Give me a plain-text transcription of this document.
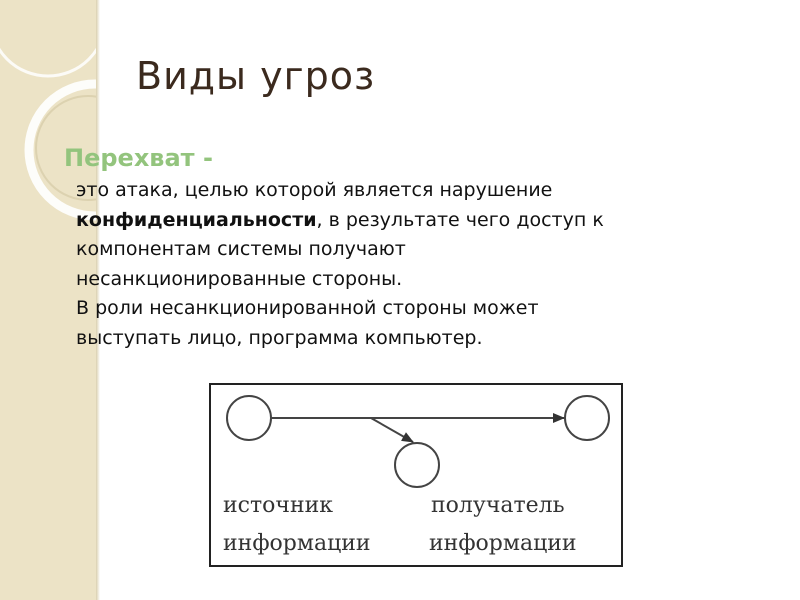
Виды угроз
Перехват -

это атака, целью которой является нарушение

конфиденциальности, в результате чего доступ к

компонентам системы получают

несанкционированные стороны.

В роли несанкционированной стороны может

выступать лицо, программа компьютер.

источник
информации
получатель
информации
